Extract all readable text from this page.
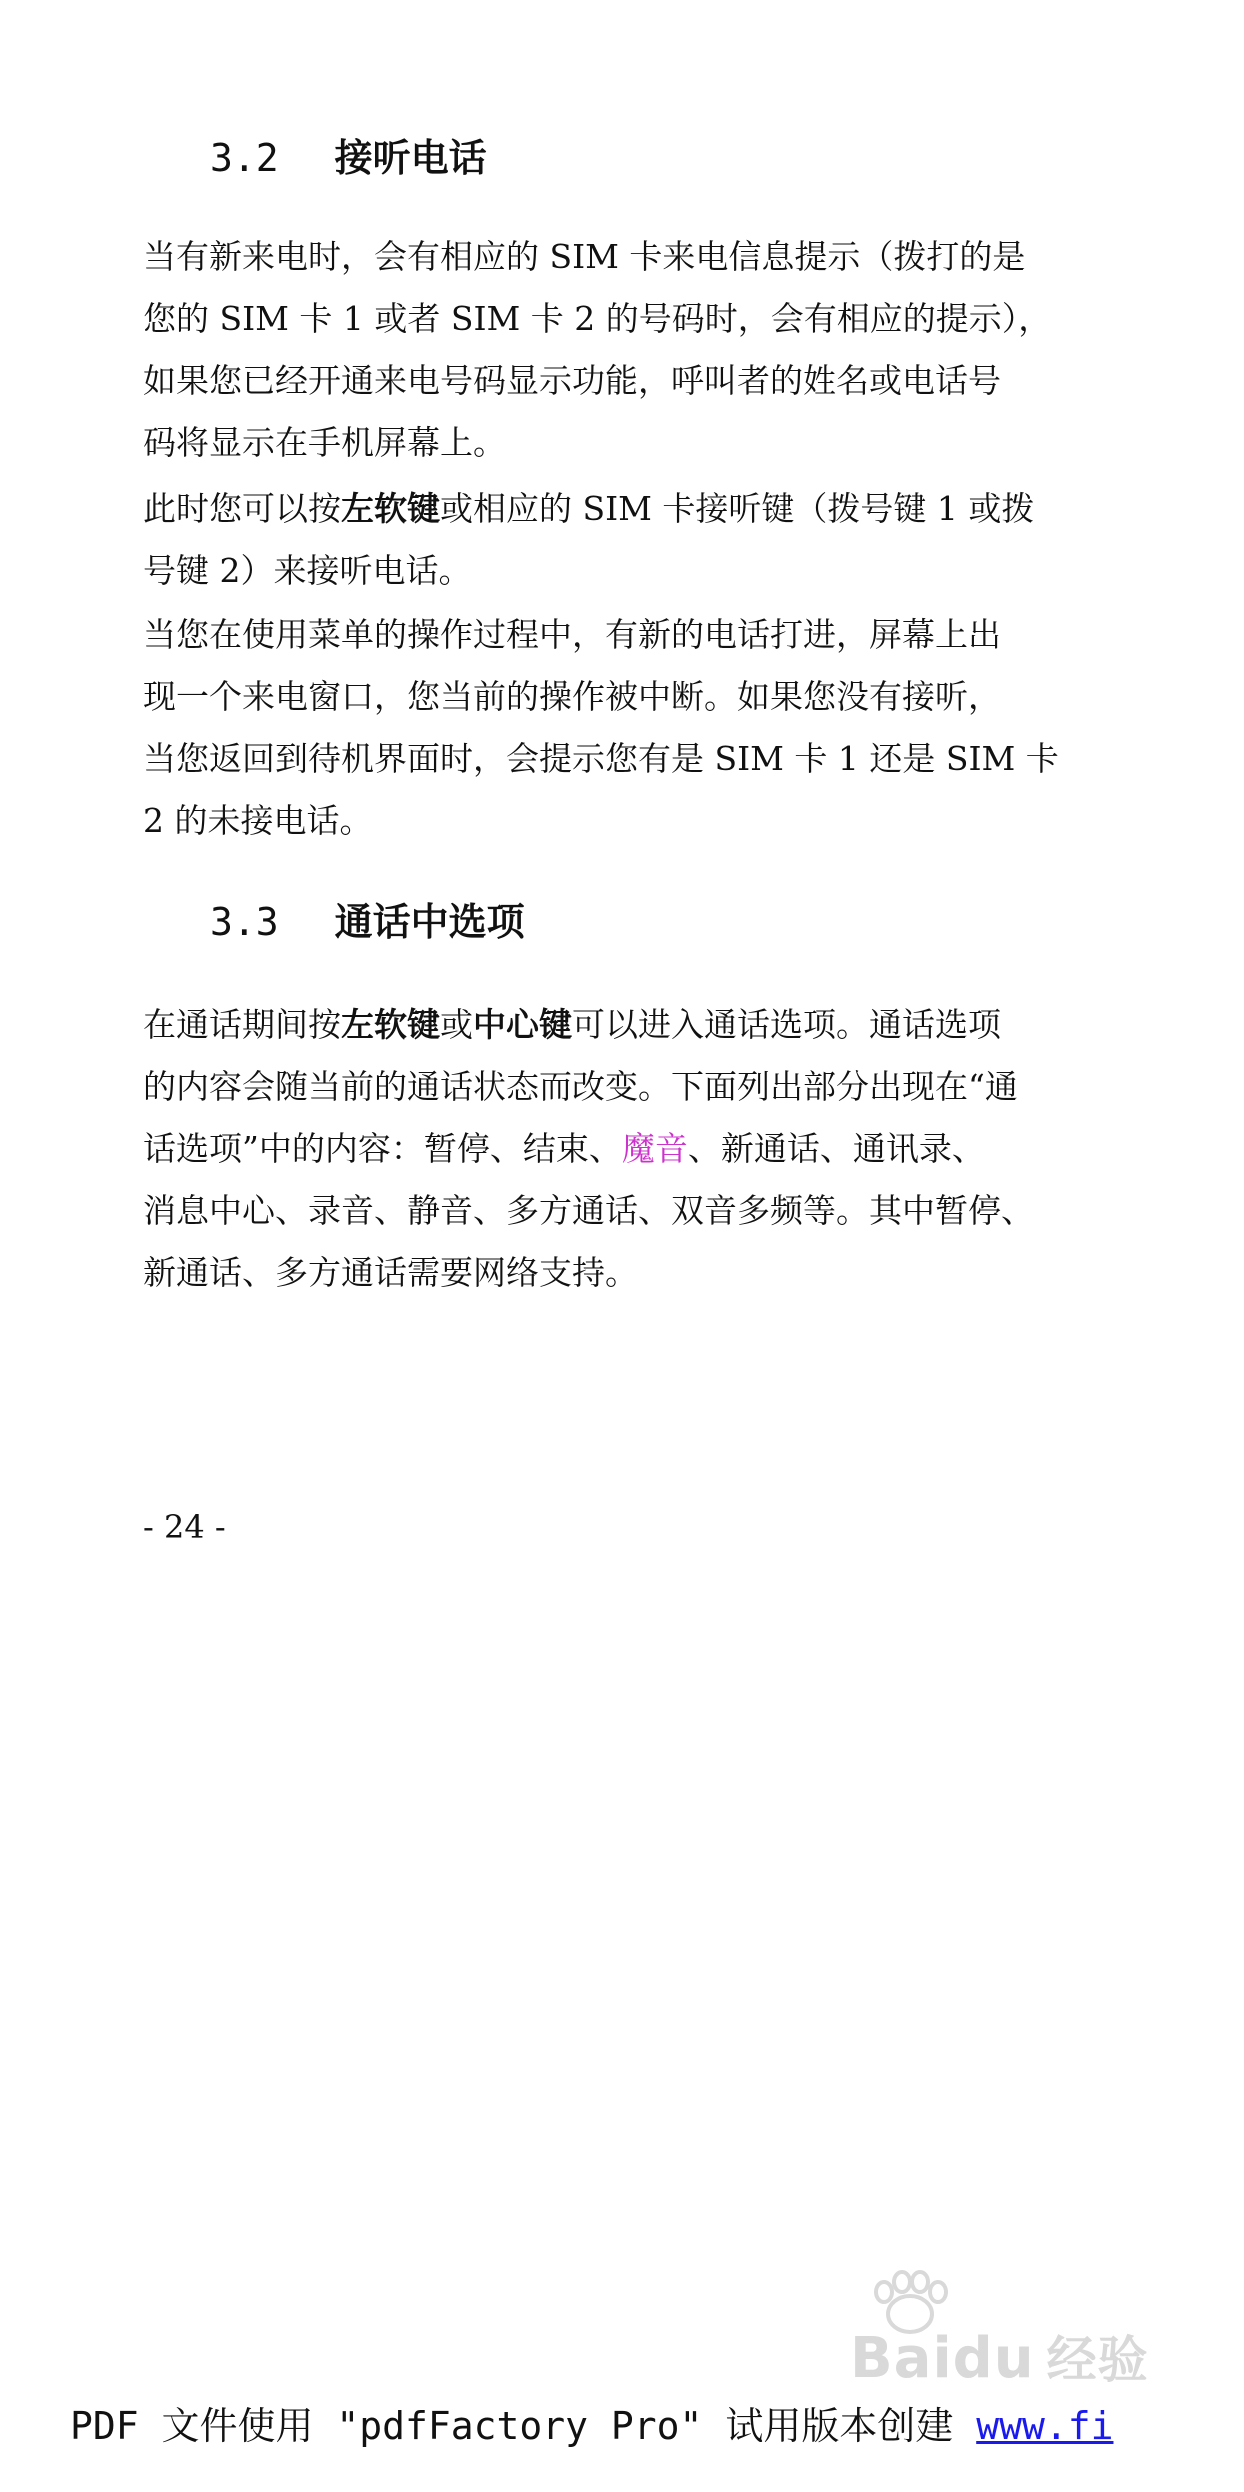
3.2 接听电话
当有新来电时，会有相应的 SIM 卡来电信息提示（拨打的是
您的 SIM 卡 1 或者 SIM 卡 2 的号码时，会有相应的提示），
如果您已经开通来电号码显示功能，呼叫者的姓名或电话号
码将显示在手机屏幕上。
此时您可以按左软键或相应的 SIM 卡接听键（拨号键 1 或拨
号键 2）来接听电话。
当您在使用菜单的操作过程中，有新的电话打进，屏幕上出
现一个来电窗口，您当前的操作被中断。如果您没有接听，
当您返回到待机界面时，会提示您有是 SIM 卡 1 还是 SIM 卡
2 的未接电话。
3.3 通话中选项
在通话期间按左软键或中心键可以进入通话选项。通话选项
的内容会随当前的通话状态而改变。下面列出部分出现在“通
话选项”中的内容：暂停、结束、魔音、新通话、通讯录、
消息中心、录音、静音、多方通话、双音多频等。其中暂停、
新通话、多方通话需要网络支持。
- 24 -
Baidu 经验
PDF 文件使用 "pdfFactory Pro" 试用版本创建 www.fi
